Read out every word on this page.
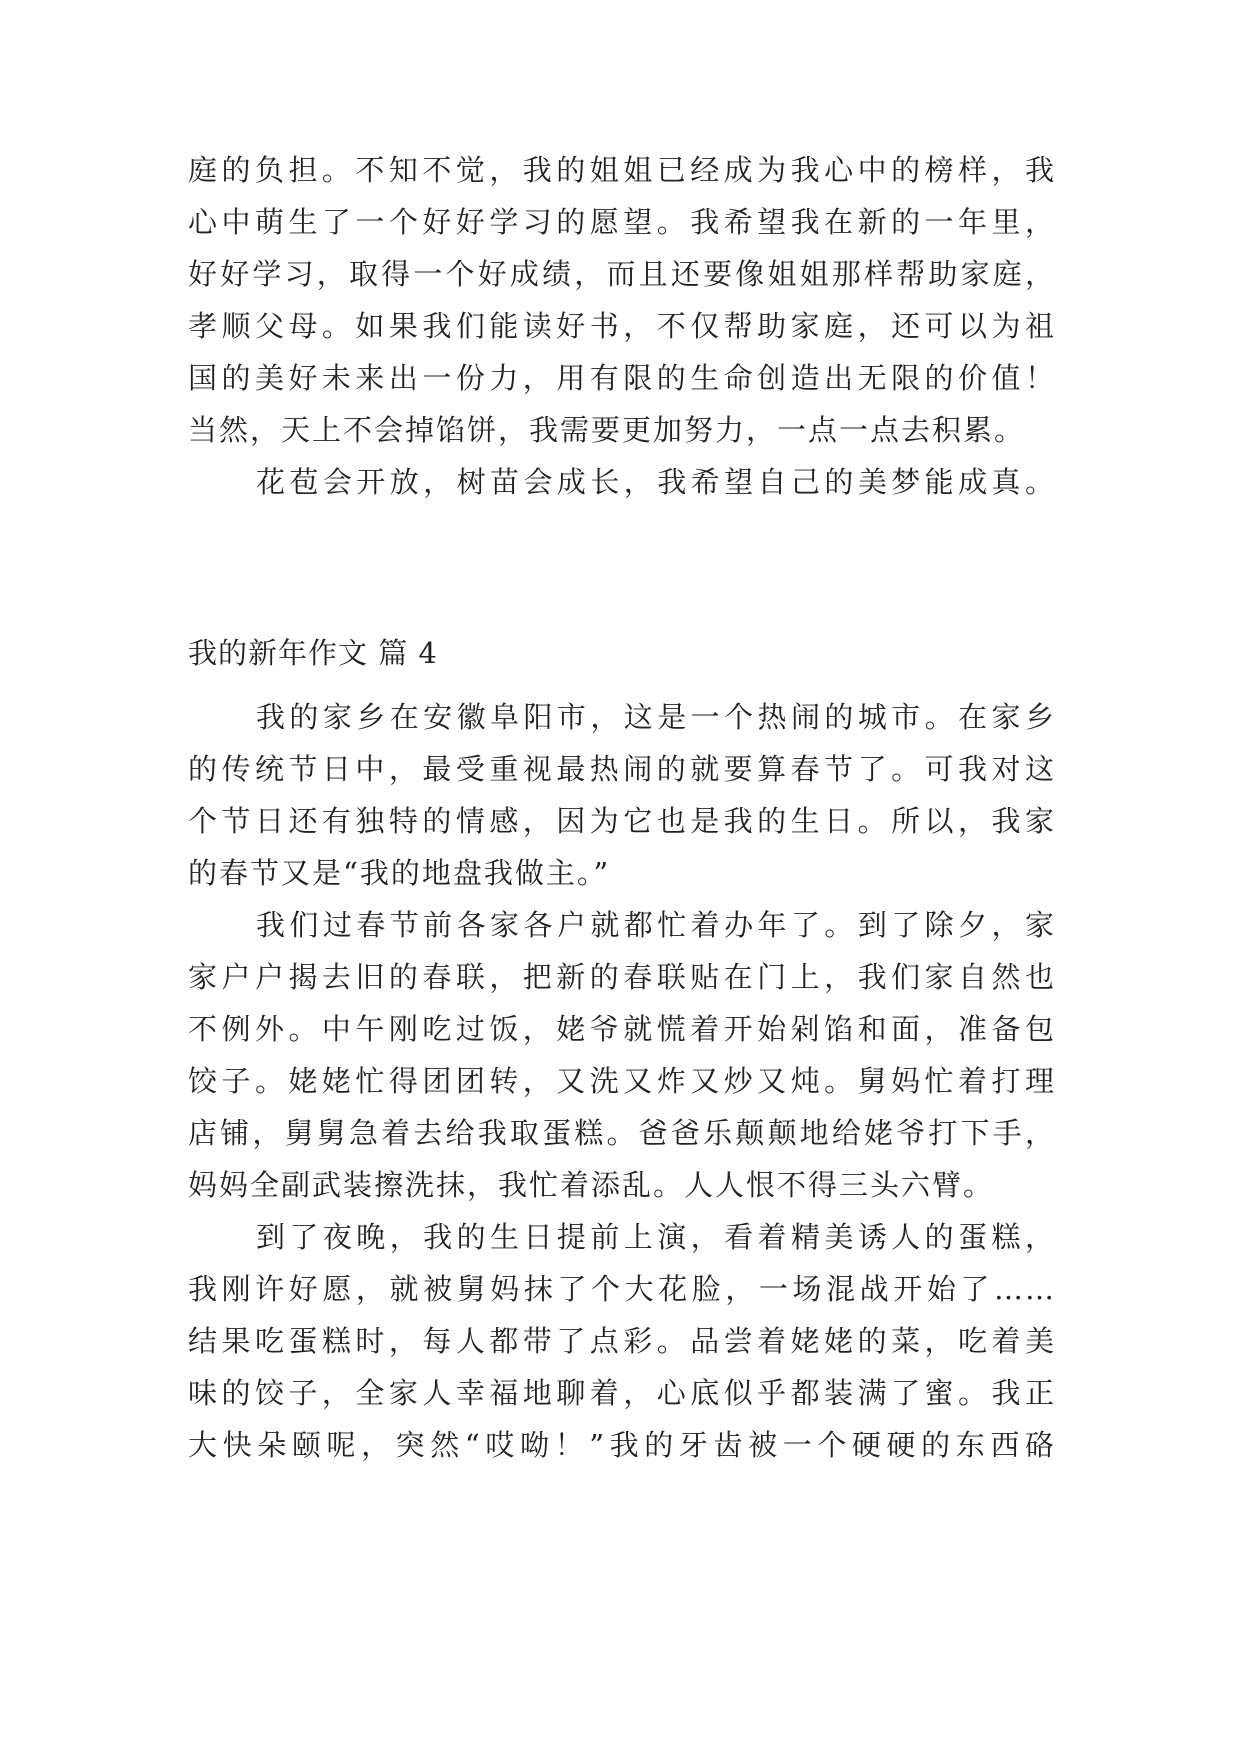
庭的负担。不知不觉，我的姐姐已经成为我心中的榜样，我
心中萌生了一个好好学习的愿望。我希望我在新的一年里，
好好学习，取得一个好成绩，而且还要像姐姐那样帮助家庭，
孝顺父母。如果我们能读好书，不仅帮助家庭，还可以为祖
国的美好未来出一份力，用有限的生命创造出无限的价值！
当然，天上不会掉馅饼，我需要更加努力，一点一点去积累。
花苞会开放，树苗会成长，我希望自己的美梦能成真。
我的新年作文 篇 4
我的家乡在安徽阜阳市，这是一个热闹的城市。在家乡
的传统节日中，最受重视最热闹的就要算春节了。可我对这
个节日还有独特的情感，因为它也是我的生日。所以，我家
的春节又是“我的地盘我做主。”
我们过春节前各家各户就都忙着办年了。到了除夕，家
家户户揭去旧的春联，把新的春联贴在门上，我们家自然也
不例外。中午刚吃过饭，姥爷就慌着开始剁馅和面，准备包
饺子。姥姥忙得团团转，又洗又炸又炒又炖。舅妈忙着打理
店铺，舅舅急着去给我取蛋糕。爸爸乐颠颠地给姥爷打下手，
妈妈全副武装擦洗抹，我忙着添乱。人人恨不得三头六臂。
到了夜晚，我的生日提前上演，看着精美诱人的蛋糕，
我刚许好愿，就被舅妈抹了个大花脸，一场混战开始了……
结果吃蛋糕时，每人都带了点彩。品尝着姥姥的菜，吃着美
味的饺子，全家人幸福地聊着，心底似乎都装满了蜜。我正
大快朵颐呢，突然“哎呦！”我的牙齿被一个硬硬的东西硌
